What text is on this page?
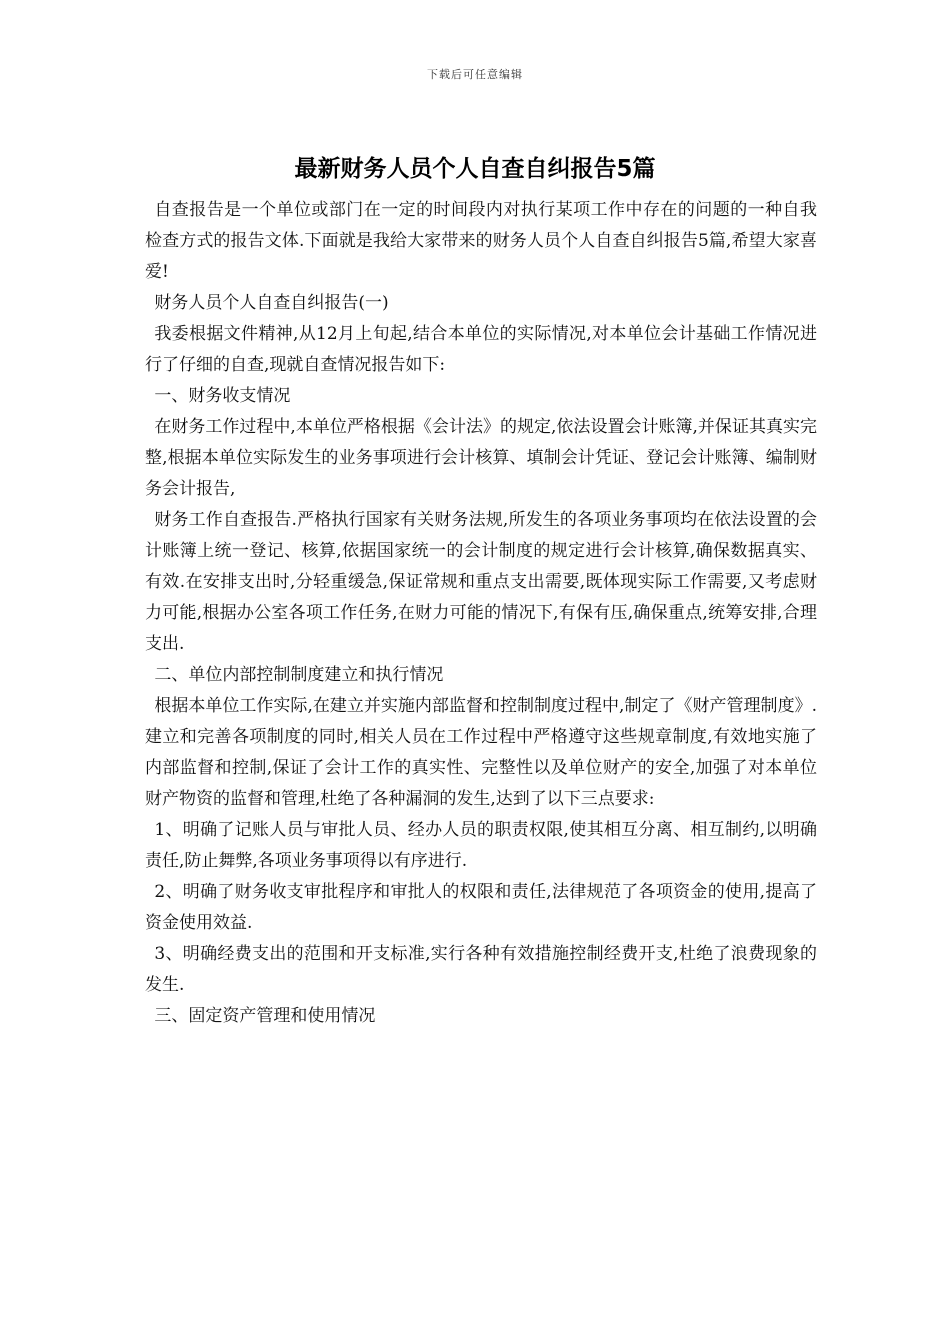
下载后可任意编辑
最新财务人员个人自查自纠报告5篇

自查报告是一个单位或部门在一定的时间段内对执行某项工作中存在的问题的一种自我检查方式的报告文体.下面就是我给大家带来的财务人员个人自查自纠报告5篇,希望大家喜爱!

财务人员个人自查自纠报告(一)

我委根据文件精神,从12月上旬起,结合本单位的实际情况,对本单位会计基础工作情况进行了仔细的自查,现就自查情况报告如下:

一、财务收支情况

在财务工作过程中,本单位严格根据《会计法》的规定,依法设置会计账簿,并保证其真实完整,根据本单位实际发生的业务事项进行会计核算、填制会计凭证、登记会计账簿、编制财务会计报告,

财务工作自查报告.严格执行国家有关财务法规,所发生的各项业务事项均在依法设置的会计账簿上统一登记、核算,依据国家统一的会计制度的规定进行会计核算,确保数据真实、有效.在安排支出时,分轻重缓急,保证常规和重点支出需要,既体现实际工作需要,又考虑财力可能,根据办公室各项工作任务,在财力可能的情况下,有保有压,确保重点,统筹安排,合理支出.

二、单位内部控制制度建立和执行情况

根据本单位工作实际,在建立并实施内部监督和控制制度过程中,制定了《财产管理制度》.建立和完善各项制度的同时,相关人员在工作过程中严格遵守这些规章制度,有效地实施了内部监督和控制,保证了会计工作的真实性、完整性以及单位财产的安全,加强了对本单位财产物资的监督和管理,杜绝了各种漏洞的发生,达到了以下三点要求:

1、明确了记账人员与审批人员、经办人员的职责权限,使其相互分离、相互制约,以明确责任,防止舞弊,各项业务事项得以有序进行.

2、明确了财务收支审批程序和审批人的权限和责任,法律规范了各项资金的使用,提高了资金使用效益.

3、明确经费支出的范围和开支标准,实行各种有效措施控制经费开支,杜绝了浪费现象的发生.

三、固定资产管理和使用情况
